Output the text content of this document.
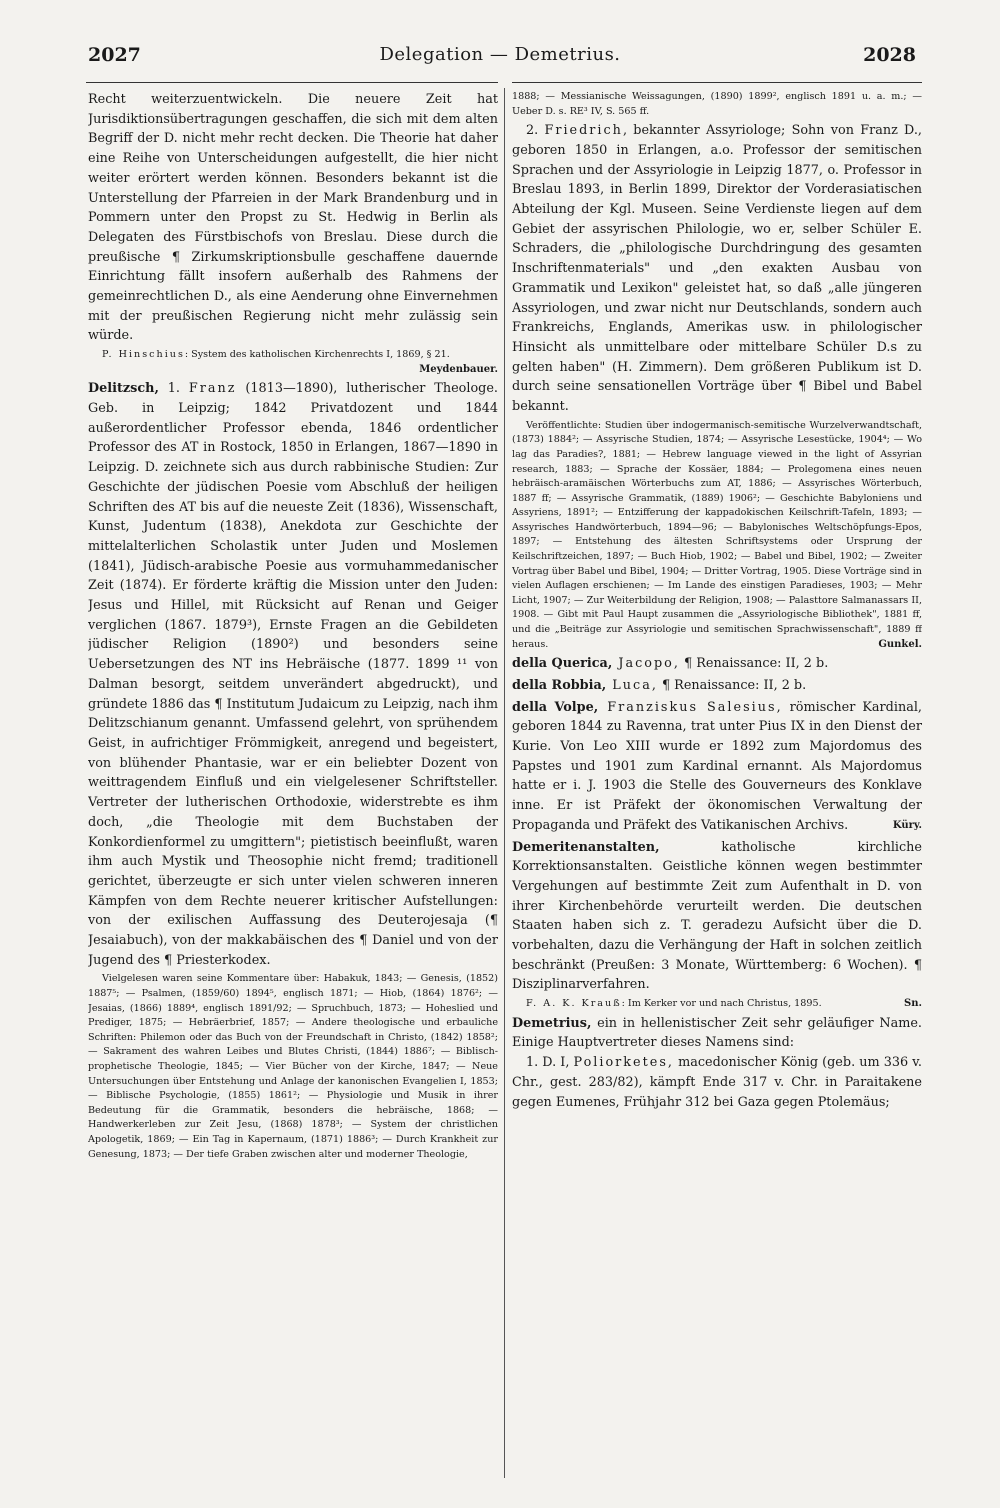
2027	Delegation — Demetrius.	2028

Recht weiterzuentwickeln. Die neuere Zeit hat Jurisdiktionsübertragungen geschaffen, die sich mit dem alten Begriff der D. nicht mehr recht decken. Die Theorie hat daher eine Reihe von Unterscheidungen aufgestellt, die hier nicht weiter erörtert werden können. Besonders bekannt ist die Unterstellung der Pfarreien in der Mark Brandenburg und in Pommern unter den Propst zu St. Hedwig in Berlin als Delegaten des Fürstbischofs von Breslau. Diese durch die preußische ¶ Zirkumskriptionsbulle geschaffene dauernde Einrichtung fällt insofern außerhalb des Rahmens der gemeinrechtlichen D., als eine Aenderung ohne Einvernehmen mit der preußischen Regierung nicht mehr zulässig sein würde.

P. Hinschius: System des katholischen Kirchenrechts I, 1869, § 21.
Meydenbauer.

Delitzsch, 1. Franz (1813—1890), lutherischer Theologe. Geb. in Leipzig; 1842 Privatdozent und 1844 außerordentlicher Professor ebenda, 1846 ordentlicher Professor des AT in Rostock, 1850 in Erlangen, 1867—1890 in Leipzig. D. zeichnete sich aus durch rabbinische Studien: Zur Geschichte der jüdischen Poesie vom Abschluß der heiligen Schriften des AT bis auf die neueste Zeit (1836), Wissenschaft, Kunst, Judentum (1838), Anekdota zur Geschichte der mittelalterlichen Scholastik unter Juden und Moslemen (1841), Jüdisch-arabische Poesie aus vormuhammedanischer Zeit (1874). Er förderte kräftig die Mission unter den Juden: Jesus und Hillel, mit Rücksicht auf Renan und Geiger verglichen (1867. 1879³), Ernste Fragen an die Gebildeten jüdischer Religion (1890²) und besonders seine Uebersetzungen des NT ins Hebräische (1877. 1899 ¹¹ von Dalman besorgt, seitdem unverändert abgedruckt), und gründete 1886 das ¶ Institutum Judaicum zu Leipzig, nach ihm Delitzschianum genannt. Umfassend gelehrt, von sprühendem Geist, in aufrichtiger Frömmigkeit, anregend und begeistert, von blühender Phantasie, war er ein beliebter Dozent von weittragendem Einfluß und ein vielgelesener Schriftsteller. Vertreter der lutherischen Orthodoxie, widerstrebte es ihm doch, „die Theologie mit dem Buchstaben der Konkordienformel zu umgittern"; pietistisch beeinflußt, waren ihm auch Mystik und Theosophie nicht fremd; traditionell gerichtet, überzeugte er sich unter vielen schweren inneren Kämpfen von dem Rechte neuerer kritischer Aufstellungen: von der exilischen Auffassung des Deuterojesaja (¶ Jesaiabuch), von der makkabäischen des ¶ Daniel und von der Jugend des ¶ Priesterkodex.

Vielgelesen waren seine Kommentare über: Habakuk, 1843; — Genesis, (1852) 1887⁵; — Psalmen, (1859/60) 1894⁵, englisch 1871; — Hiob, (1864) 1876²; — Jesaias, (1866) 1889⁴, englisch 1891/92; — Spruchbuch, 1873; — Hoheslied und Prediger, 1875; — Hebräerbrief, 1857; — Andere theologische und erbauliche Schriften: Philemon oder das Buch von der Freundschaft in Christo, (1842) 1858²; — Sakrament des wahren Leibes und Blutes Christi, (1844) 1886⁷; — Biblisch-prophetische Theologie, 1845; — Vier Bücher von der Kirche, 1847; — Neue Untersuchungen über Entstehung und Anlage der kanonischen Evangelien I, 1853; — Biblische Psychologie, (1855) 1861²; — Physiologie und Musik in ihrer Bedeutung für die Grammatik, besonders die hebräische, 1868; — Handwerkerleben zur Zeit Jesu, (1868) 1878³; — System der christlichen Apologetik, 1869; — Ein Tag in Kapernaum, (1871) 1886³; — Durch Krankheit zur Genesung, 1873; — Der tiefe Graben zwischen alter und moderner Theologie,

1888; — Messianische Weissagungen, (1890) 1899², englisch 1891 u. a. m.; — Ueber D. s. RE³ IV, S. 565 ff.

2. Friedrich, bekannter Assyriologe; Sohn von Franz D., geboren 1850 in Erlangen, a.o. Professor der semitischen Sprachen und der Assyriologie in Leipzig 1877, o. Professor in Breslau 1893, in Berlin 1899, Direktor der Vorderasiatischen Abteilung der Kgl. Museen. Seine Verdienste liegen auf dem Gebiet der assyrischen Philologie, wo er, selber Schüler E. Schraders, die „philologische Durchdringung des gesamten Inschriftenmaterials" und „den exakten Ausbau von Grammatik und Lexikon" geleistet hat, so daß „alle jüngeren Assyriologen, und zwar nicht nur Deutschlands, sondern auch Frankreichs, Englands, Amerikas usw. in philologischer Hinsicht als unmittelbare oder mittelbare Schüler D.s zu gelten haben" (H. Zimmern). Dem größeren Publikum ist D. durch seine sensationellen Vorträge über ¶ Bibel und Babel bekannt.

Veröffentlichte: Studien über indogermanisch-semitische Wurzelverwandtschaft, (1873) 1884²; — Assyrische Studien, 1874; — Assyrische Lesestücke, 1904⁴; — Wo lag das Paradies?, 1881; — Hebrew language viewed in the light of Assyrian research, 1883; — Sprache der Kossäer, 1884; — Prolegomena eines neuen hebräisch-aramäischen Wörterbuchs zum AT, 1886; — Assyrisches Wörterbuch, 1887 ff; — Assyrische Grammatik, (1889) 1906²; — Geschichte Babyloniens und Assyriens, 1891²; — Entzifferung der kappadokischen Keilschrift-Tafeln, 1893; — Assyrisches Handwörterbuch, 1894—96; — Babylonisches Weltschöpfungs-Epos, 1897; — Entstehung des ältesten Schriftsystems oder Ursprung der Keilschriftzeichen, 1897; — Buch Hiob, 1902; — Babel und Bibel, 1902; — Zweiter Vortrag über Babel und Bibel, 1904; — Dritter Vortrag, 1905. Diese Vorträge sind in vielen Auflagen erschienen; — Im Lande des einstigen Paradieses, 1903; — Mehr Licht, 1907; — Zur Weiterbildung der Religion, 1908; — Palasttore Salmanassars II, 1908. — Gibt mit Paul Haupt zusammen die „Assyriologische Bibliothek", 1881 ff, und die „Beiträge zur Assyriologie und semitischen Sprachwissenschaft", 1889 ff heraus.	Gunkel.

della Querica, Jacopo, ¶ Renaissance: II, 2 b.

della Robbia, Luca, ¶ Renaissance: II, 2 b.

della Volpe, Franziskus Salesius, römischer Kardinal, geboren 1844 zu Ravenna, trat unter Pius IX in den Dienst der Kurie. Von Leo XIII wurde er 1892 zum Majordomus des Papstes und 1901 zum Kardinal ernannt. Als Majordomus hatte er i. J. 1903 die Stelle des Gouverneurs des Konklave inne. Er ist Präfekt der ökonomischen Verwaltung der Propaganda und Präfekt des Vatikanischen Archivs.	Küry.

Demeritenanstalten, katholische kirchliche Korrektionsanstalten. Geistliche können wegen bestimmter Vergehungen auf bestimmte Zeit zum Aufenthalt in D. von ihrer Kirchenbehörde verurteilt werden. Die deutschen Staaten haben sich z. T. geradezu Aufsicht über die D. vorbehalten, dazu die Verhängung der Haft in solchen zeitlich beschränkt (Preußen: 3 Monate, Württemberg: 6 Wochen). ¶ Disziplinarverfahren.

F. A. K. Krauß: Im Kerker vor und nach Christus, 1895.	Sn.

Demetrius, ein in hellenistischer Zeit sehr geläufiger Name. Einige Hauptvertreter dieses Namens sind:

1. D. I, Poliorketes, macedonischer König (geb. um 336 v. Chr., gest. 283/82), kämpft Ende 317 v. Chr. in Paraitakene gegen Eumenes, Frühjahr 312 bei Gaza gegen Ptolemäus;
